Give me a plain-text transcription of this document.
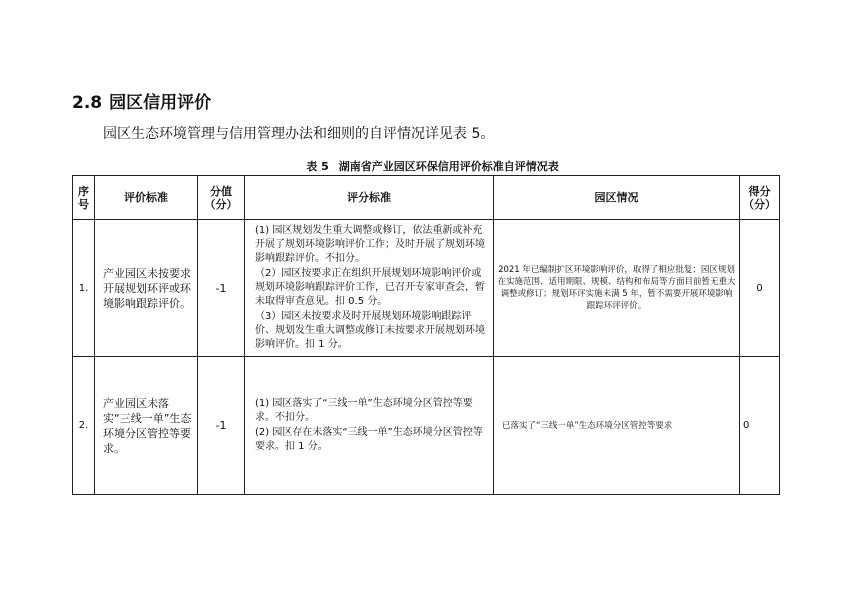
2.8 园区信用评价
园区生态环境管理与信用管理办法和细则的自评情况详见表 5。
表 5 湖南省产业园区环保信用评价标准自评情况表
序号	评价标准	分值（分）	评分标准	园区情况	得分（分）
1.	产业园区未按要求开展规划环评或环境影响跟踪评价。	-1	(1) 园区规划发生重大调整或修订，依法重新或补充开展了规划环境影响评价工作；及时开展了规划环境影响跟踪评价。不扣分。
（2）园区按要求正在组织开展规划环境影响评价或规划环境影响跟踪评价工作，已召开专家审查会，暂未取得审查意见。扣 0.5 分。
（3）园区未按要求及时开展规划环境影响跟踪评价、规划发生重大调整或修订未按要求开展规划环境影响评价。扣 1 分。	2021 年已编制扩区环境影响评价，取得了相应批复；园区规划在实施范围、适用期限、规模、结构和布局等方面目前暂无重大调整或修订；规划环评实施未满 5 年，暂不需要开展环境影响跟踪环评评价。	0
2.	产业园区未落实“三线一单”生态环境分区管控等要求。	-1	(1) 园区落实了“三线一单”生态环境分区管控等要求。不扣分。
(2) 园区存在未落实“三线一单”生态环境分区管控等要求。扣 1 分。	已落实了“三线一单”生态环境分区管控等要求	0
